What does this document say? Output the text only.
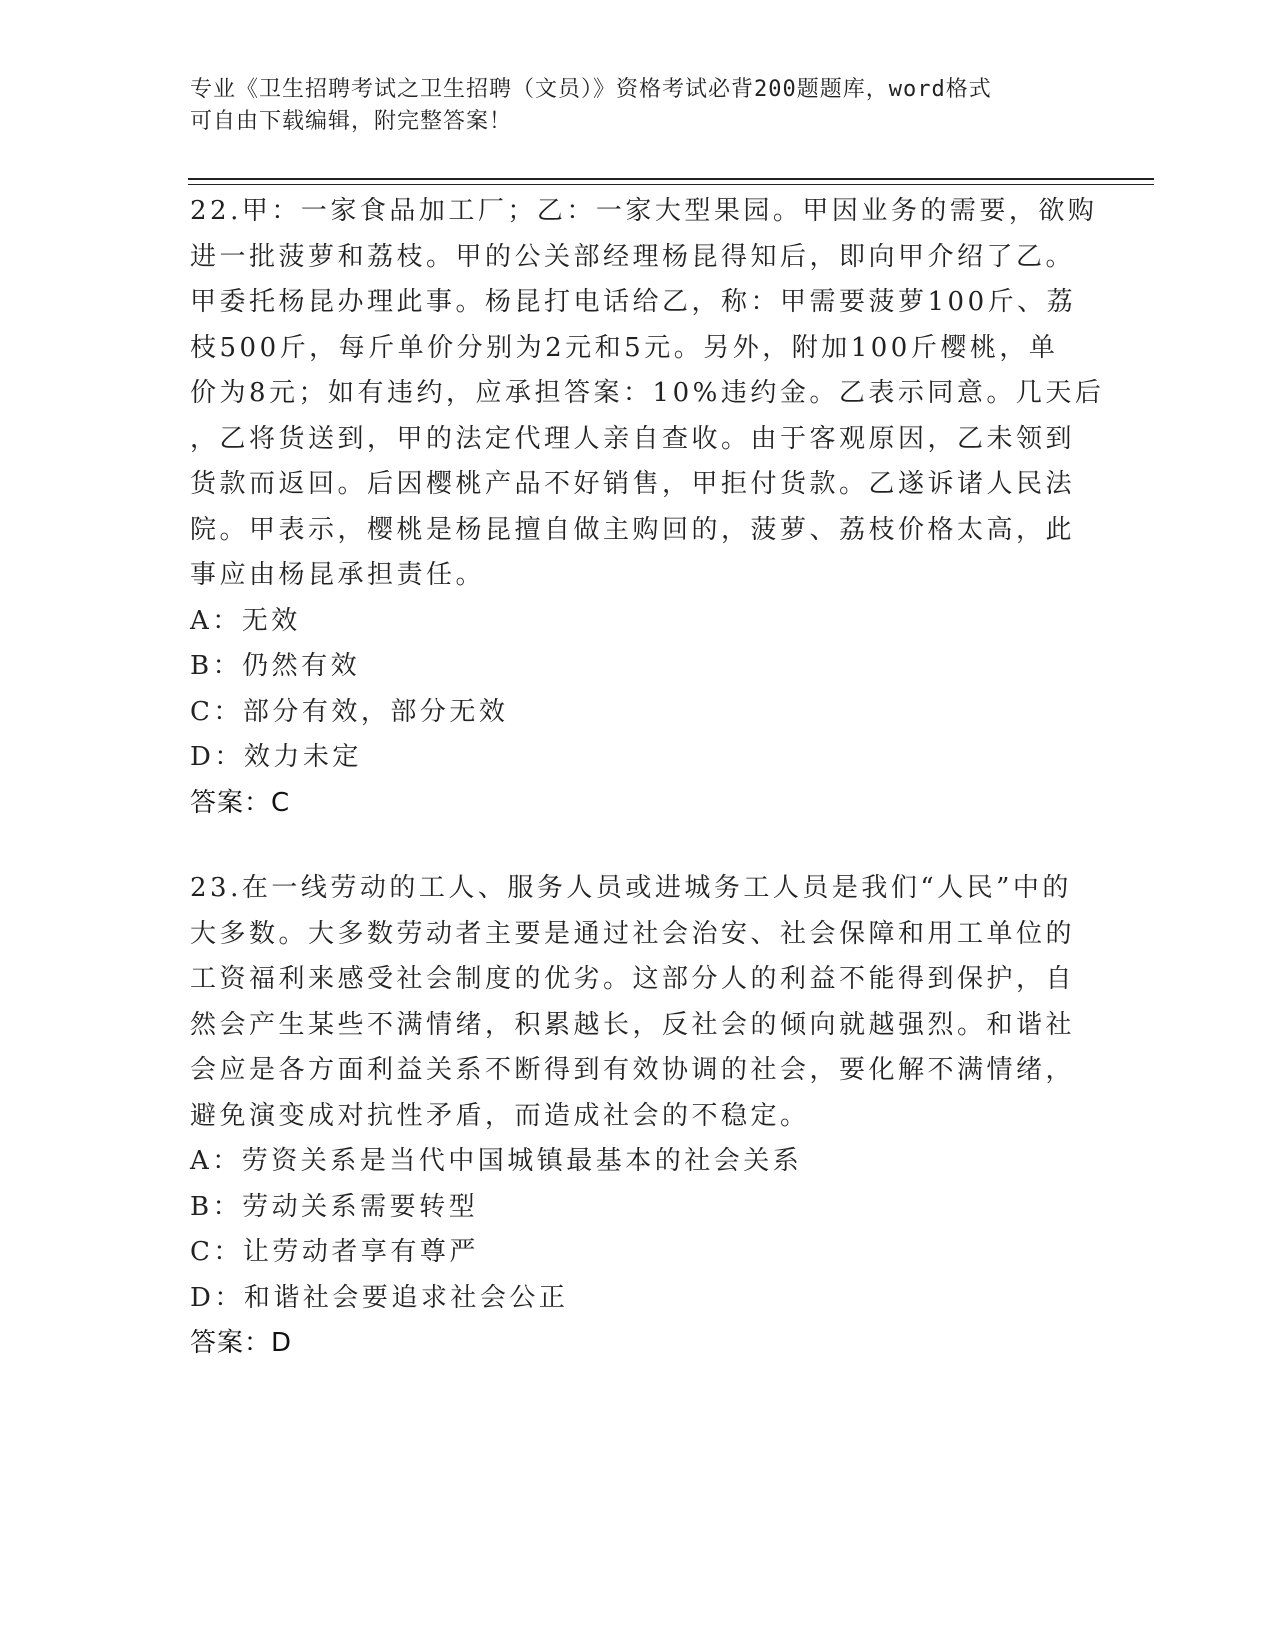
专业《卫生招聘考试之卫生招聘（文员）》资格考试必背200题题库，word格式
可自由下载编辑，附完整答案！
22.甲：一家食品加工厂；乙：一家大型果园。甲因业务的需要，欲购
进一批菠萝和荔枝。甲的公关部经理杨昆得知后，即向甲介绍了乙。
甲委托杨昆办理此事。杨昆打电话给乙，称：甲需要菠萝100斤、荔
枝500斤，每斤单价分别为2元和5元。另外，附加100斤樱桃，单
价为8元；如有违约，应承担答案：10%违约金。乙表示同意。几天后
，乙将货送到，甲的法定代理人亲自查收。由于客观原因，乙未领到
货款而返回。后因樱桃产品不好销售，甲拒付货款。乙遂诉诸人民法
院。甲表示，樱桃是杨昆擅自做主购回的，菠萝、荔枝价格太高，此
事应由杨昆承担责任。
A：无效
B：仍然有效
C：部分有效，部分无效
D：效力未定
答案：C
23.在一线劳动的工人、服务人员或进城务工人员是我们“人民”中的
大多数。大多数劳动者主要是通过社会治安、社会保障和用工单位的
工资福利来感受社会制度的优劣。这部分人的利益不能得到保护，自
然会产生某些不满情绪，积累越长，反社会的倾向就越强烈。和谐社
会应是各方面利益关系不断得到有效协调的社会，要化解不满情绪，
避免演变成对抗性矛盾，而造成社会的不稳定。
A：劳资关系是当代中国城镇最基本的社会关系
B：劳动关系需要转型
C：让劳动者享有尊严
D：和谐社会要追求社会公正
答案：D
